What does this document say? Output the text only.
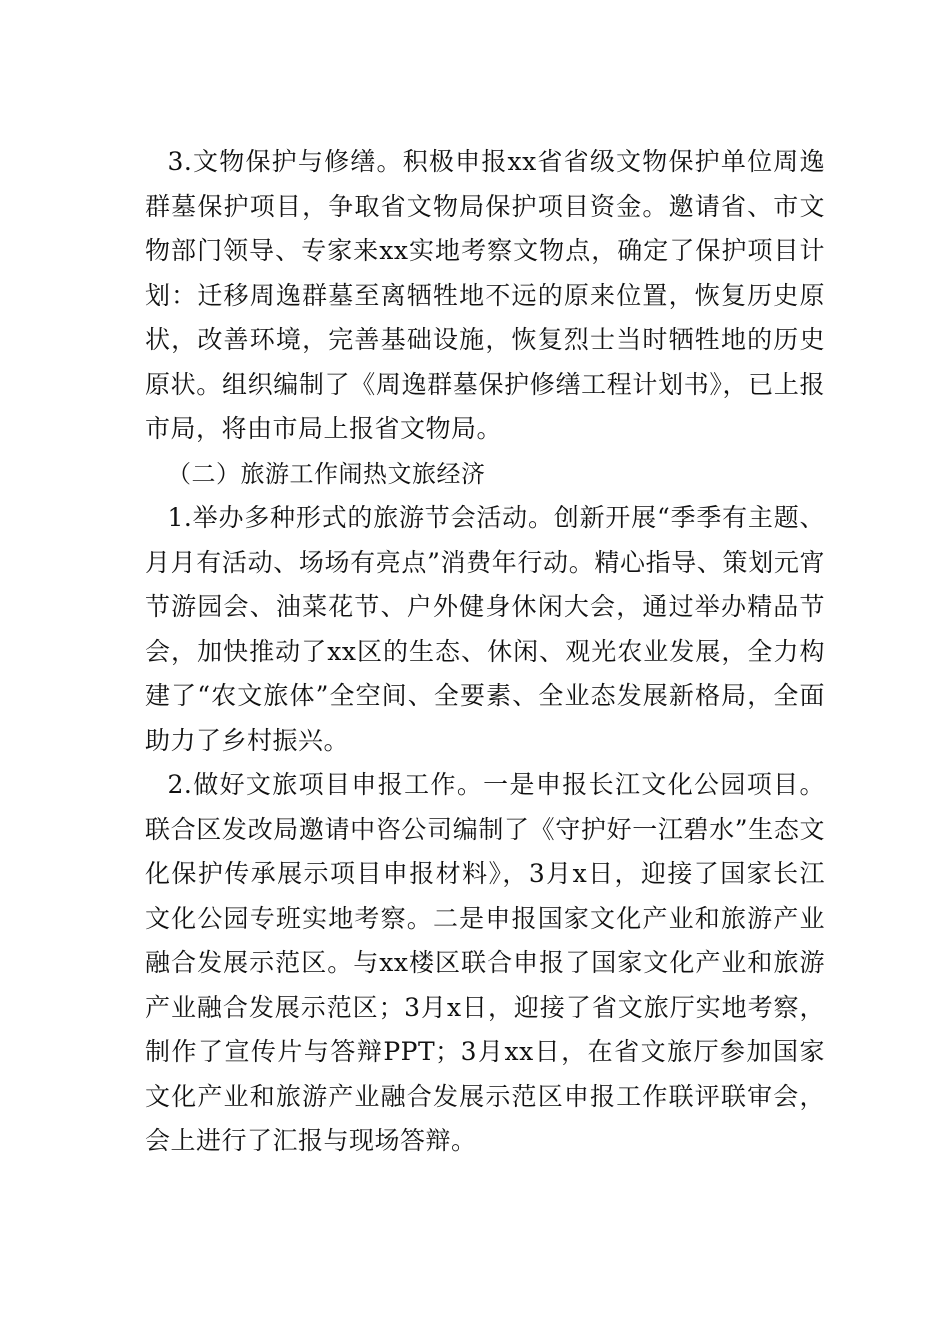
3.文物保护与修缮。积极申报xx省省级文物保护单位周逸群墓保护项目，争取省文物局保护项目资金。邀请省、市文物部门领导、专家来xx实地考察文物点，确定了保护项目计划：迁移周逸群墓至离牺牲地不远的原来位置，恢复历史原状，改善环境，完善基础设施，恢复烈士当时牺牲地的历史原状。组织编制了《周逸群墓保护修缮工程计划书》，已上报市局，将由市局上报省文物局。

（二）旅游工作闹热文旅经济

1.举办多种形式的旅游节会活动。创新开展“季季有主题、月月有活动、场场有亮点”消费年行动。精心指导、策划元宵节游园会、油菜花节、户外健身休闲大会，通过举办精品节会，加快推动了xx区的生态、休闲、观光农业发展，全力构建了“农文旅体”全空间、全要素、全业态发展新格局，全面助力了乡村振兴。

2.做好文旅项目申报工作。一是申报长江文化公园项目。联合区发改局邀请中咨公司编制了《守护好一江碧水”生态文化保护传承展示项目申报材料》，3月x日，迎接了国家长江文化公园专班实地考察。二是申报国家文化产业和旅游产业融合发展示范区。与xx楼区联合申报了国家文化产业和旅游产业融合发展示范区；3月x日，迎接了省文旅厅实地考察，制作了宣传片与答辩PPT；3月xx日，在省文旅厅参加国家文化产业和旅游产业融合发展示范区申报工作联评联审会，会上进行了汇报与现场答辩。
